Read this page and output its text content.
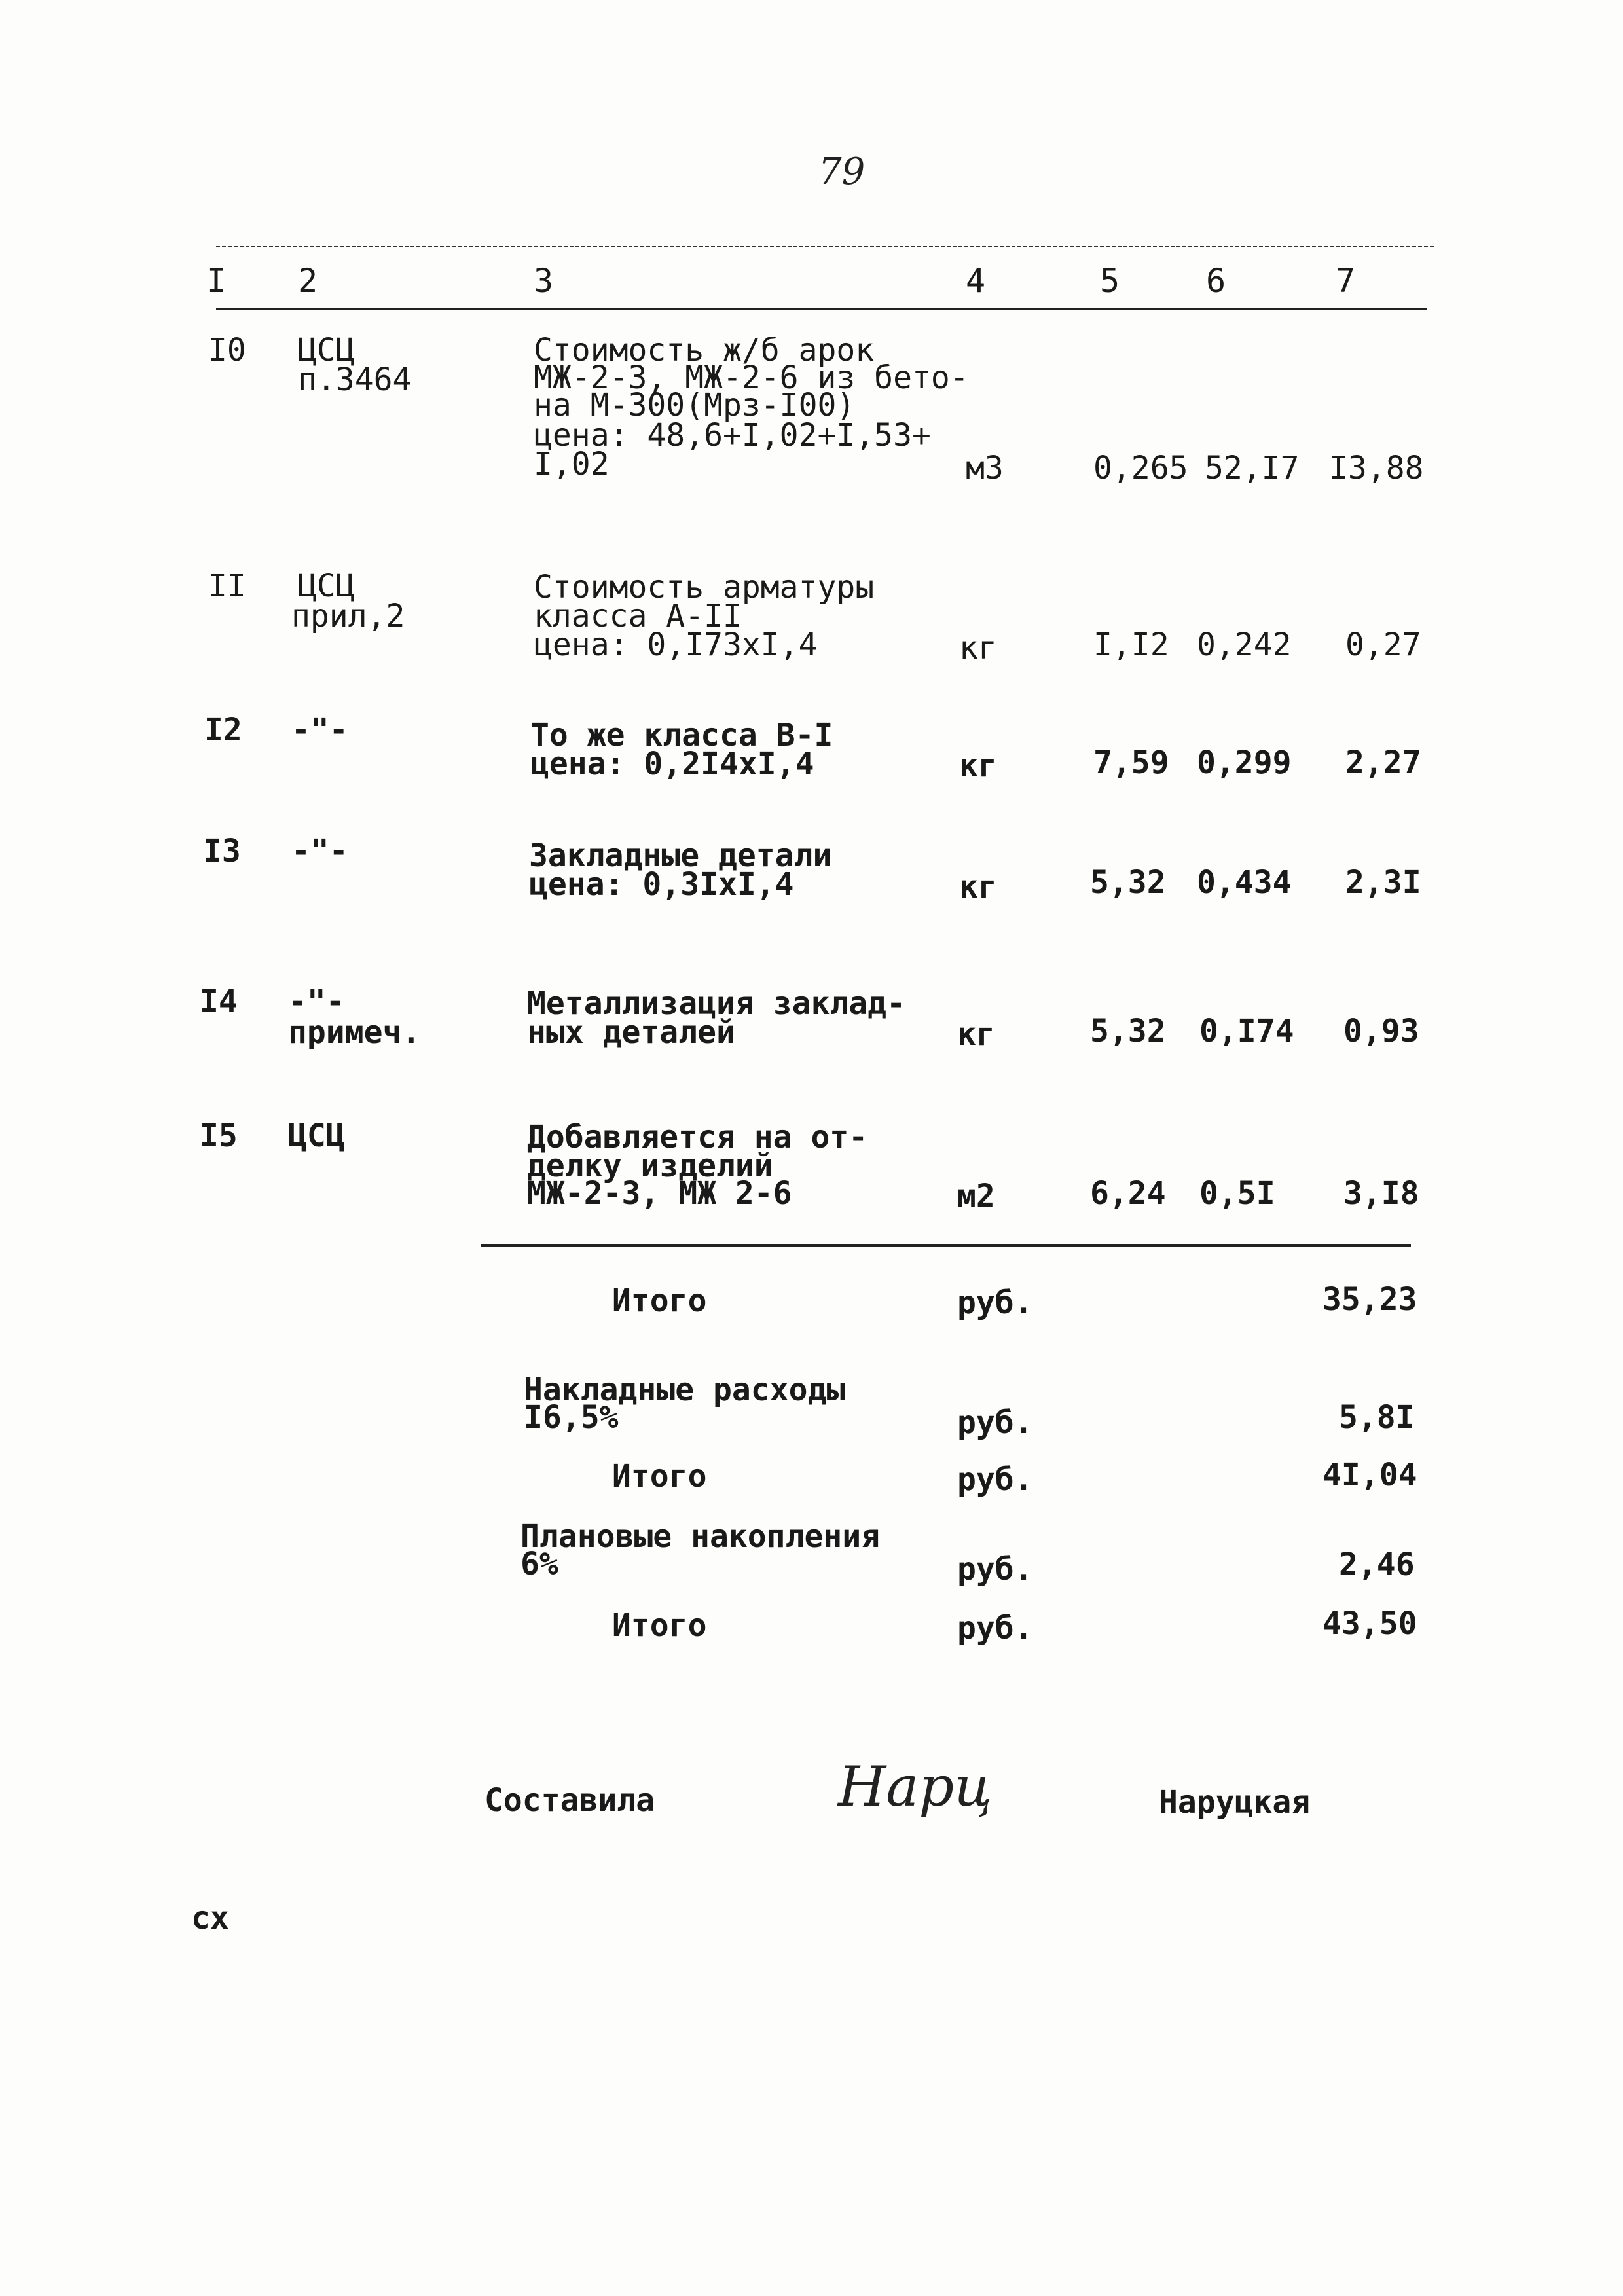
79
I 2	3	4	5	6	7
I0 ЦСЦ
п.3464
Стоимость ж/б арок
МЖ-2-3, МЖ-2-6 из бето-
на М-300(Мрз-I00)
цена: 48,6+I,02+I,53+
I,02	м3	0,265 52,I7 I3,88
II ЦСЦ
прил,2
Стоимость арматуры
класса А-II
цена: 0,I73xI,4	кг	I,I2 0,242 0,27
I2 -"-	То же класса В-I
цена: 0,2I4xI,4	кг	7,59 0,299 2,27
I3 -"-	Закладные детали
цена: 0,3IxI,4	кг	5,32 0,434 2,3I
I4 -"-
примеч.
Металлизация заклад-
ных деталей	кг	5,32 0,I74 0,93
I5 ЦСЦ	Добавляется на от-
делку изделий
МЖ-2-3, МЖ 2-6	м2	6,24 0,5I 3,I8
Итого	руб.	35,23
Накладные расходы
I6,5%	руб.	5,8I
Итого	руб.	4I,04
Плановые накопления
6%	руб.	2,46
Итого	руб.	43,50
Составила	Нарц	Наруцкая
сх
